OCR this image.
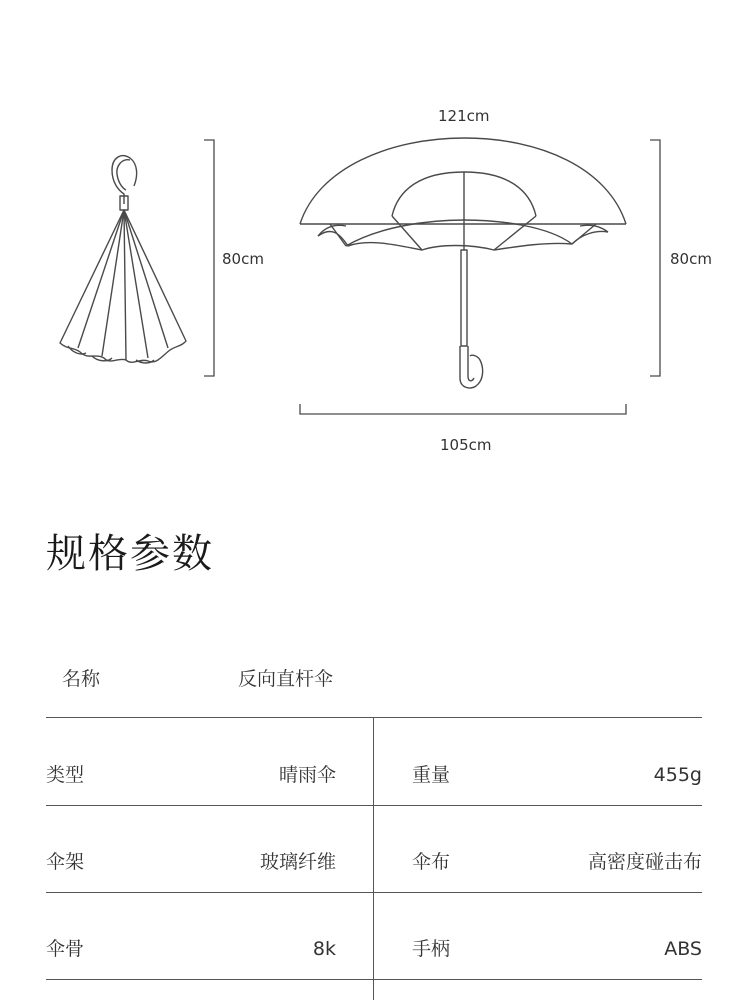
80cm
121cm
80cm
105cm
规格参数
名称	反向直杆伞
类型	晴雨伞	重量	455g
伞架	玻璃纤维	伞布	高密度碰击布
伞骨	8k	手柄	ABS
